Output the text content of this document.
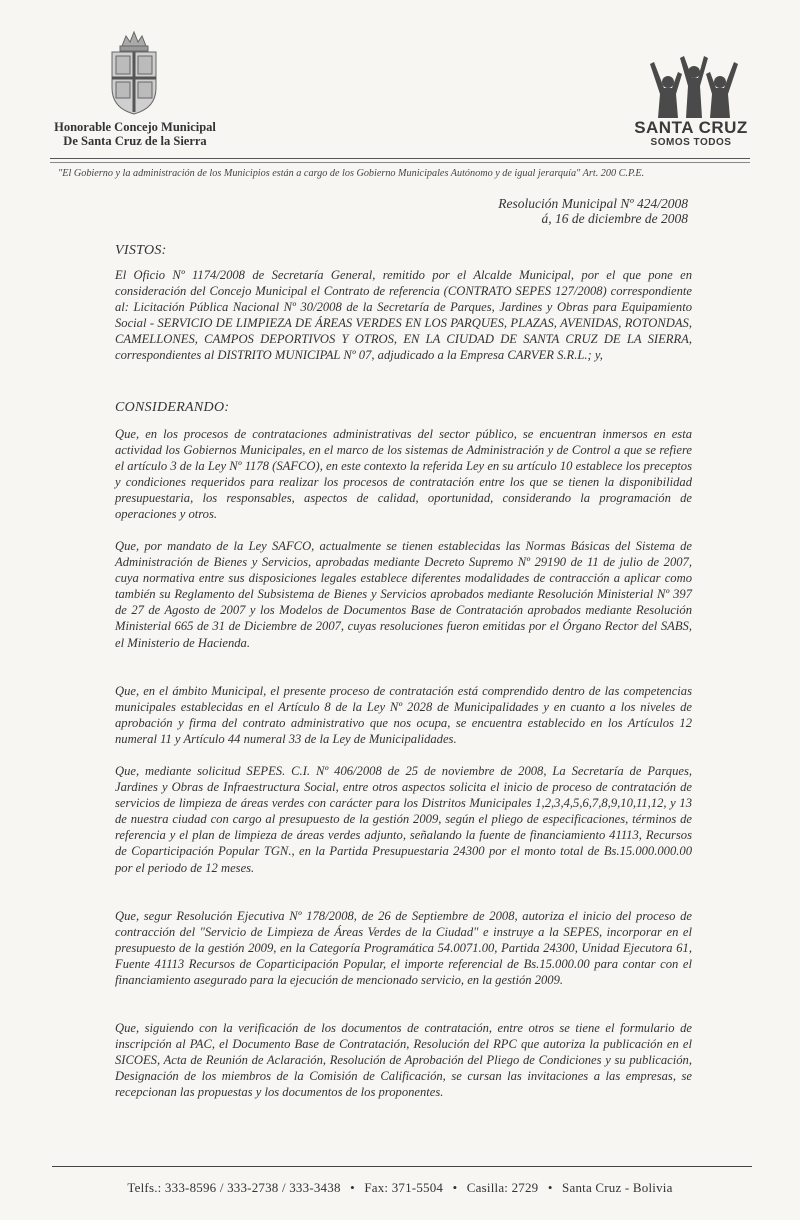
Honorable Concejo Municipal
De Santa Cruz de la Sierra
SANTA CRUZ
SOMOS TODOS
"El Gobierno y la administración de los Municipios están a cargo de los Gobierno Municipales Autónomo y de igual jerarquía" Art. 200 C.P.E.
Resolución Municipal Nº 424/2008
á, 16 de diciembre de 2008
VISTOS:
El Oficio Nº 1174/2008 de Secretaría General, remitido por el Alcalde Municipal, por el que pone en consideración del Concejo Municipal el Contrato de referencia (CONTRATO SEPES 127/2008) correspondiente al: Licitación Pública Nacional Nº 30/2008 de la Secretaría de Parques, Jardines y Obras para Equipamiento Social - SERVICIO DE LIMPIEZA DE ÁREAS VERDES EN LOS PARQUES, PLAZAS, AVENIDAS, ROTONDAS, CAMELLONES, CAMPOS DEPORTIVOS Y OTROS, EN LA CIUDAD DE SANTA CRUZ DE LA SIERRA, correspondientes al DISTRITO MUNICIPAL Nº 07, adjudicado a la Empresa CARVER S.R.L.; y,
CONSIDERANDO:
Que, en los procesos de contrataciones administrativas del sector público, se encuentran inmersos en esta actividad los Gobiernos Municipales, en el marco de los sistemas de Administración y de Control a que se refiere el artículo 3 de la Ley Nº 1178 (SAFCO), en este contexto la referida Ley en su artículo 10 establece los preceptos y condiciones requeridos para realizar los procesos de contratación entre los que se tienen la disponibilidad presupuestaria, los responsables, aspectos de calidad, oportunidad, considerando la programación de operaciones y otros.
Que, por mandato de la Ley SAFCO, actualmente se tienen establecidas las Normas Básicas del Sistema de Administración de Bienes y Servicios, aprobadas mediante Decreto Supremo Nº 29190 de 11 de julio de 2007, cuya normativa entre sus disposiciones legales establece diferentes modalidades de contracción a aplicar como también su Reglamento del Subsistema de Bienes y Servicios aprobados mediante Resolución Ministerial Nº 397 de 27 de Agosto de 2007 y los Modelos de Documentos Base de Contratación aprobados mediante Resolución Ministerial 665 de 31 de Diciembre de 2007, cuyas resoluciones fueron emitidas por el Órgano Rector del SABS, el Ministerio de Hacienda.
Que, en el ámbito Municipal, el presente proceso de contratación está comprendido dentro de las competencias municipales establecidas en el Artículo 8 de la Ley Nº 2028 de Municipalidades y en cuanto a los niveles de aprobación y firma del contrato administrativo que nos ocupa, se encuentra establecido en los Artículos 12 numeral 11 y Artículo 44 numeral 33 de la Ley de Municipalidades.
Que, mediante solicitud SEPES. C.I. Nº 406/2008 de 25 de noviembre de 2008, La Secretaría de Parques, Jardines y Obras de Infraestructura Social, entre otros aspectos solicita el inicio de proceso de contratación de servicios de limpieza de áreas verdes con carácter para los Distritos Municipales 1,2,3,4,5,6,7,8,9,10,11,12, y 13 de nuestra ciudad con cargo al presupuesto de la gestión 2009, según el pliego de especificaciones, términos de referencia y el plan de limpieza de áreas verdes adjunto, señalando la fuente de financiamiento 41113, Recursos de Coparticipación Popular TGN., en la Partida Presupuestaria 24300 por el monto total de Bs.15.000.000.00 por el periodo de 12 meses.
Que, segur Resolución Ejecutiva Nº 178/2008, de 26 de Septiembre de 2008, autoriza el inicio del proceso de contracción del "Servicio de Limpieza de Áreas Verdes de la Ciudad" e instruye a la SEPES, incorporar en el presupuesto de la gestión 2009, en la Categoría Programática 54.0071.00, Partida 24300, Unidad Ejecutora 61, Fuente 41113 Recursos de Coparticipación Popular, el importe referencial de Bs.15.000.00 para contar con el financiamiento asegurado para la ejecución de mencionado servicio, en la gestión 2009.
Que, siguiendo con la verificación de los documentos de contratación, entre otros se tiene el formulario de inscripción al PAC, el Documento Base de Contratación, Resolución del RPC que autoriza la publicación en el SICOES, Acta de Reunión de Aclaración, Resolución de Aprobación del Pliego de Condiciones y su publicación, Designación de los miembros de la Comisión de Calificación, se cursan las invitaciones a las empresas, se recepcionan las propuestas y los documentos de los proponentes.
Telfs.: 333-8596 / 333-2738 / 333-3438 • Fax: 371-5504 • Casilla: 2729 • Santa Cruz - Bolivia
